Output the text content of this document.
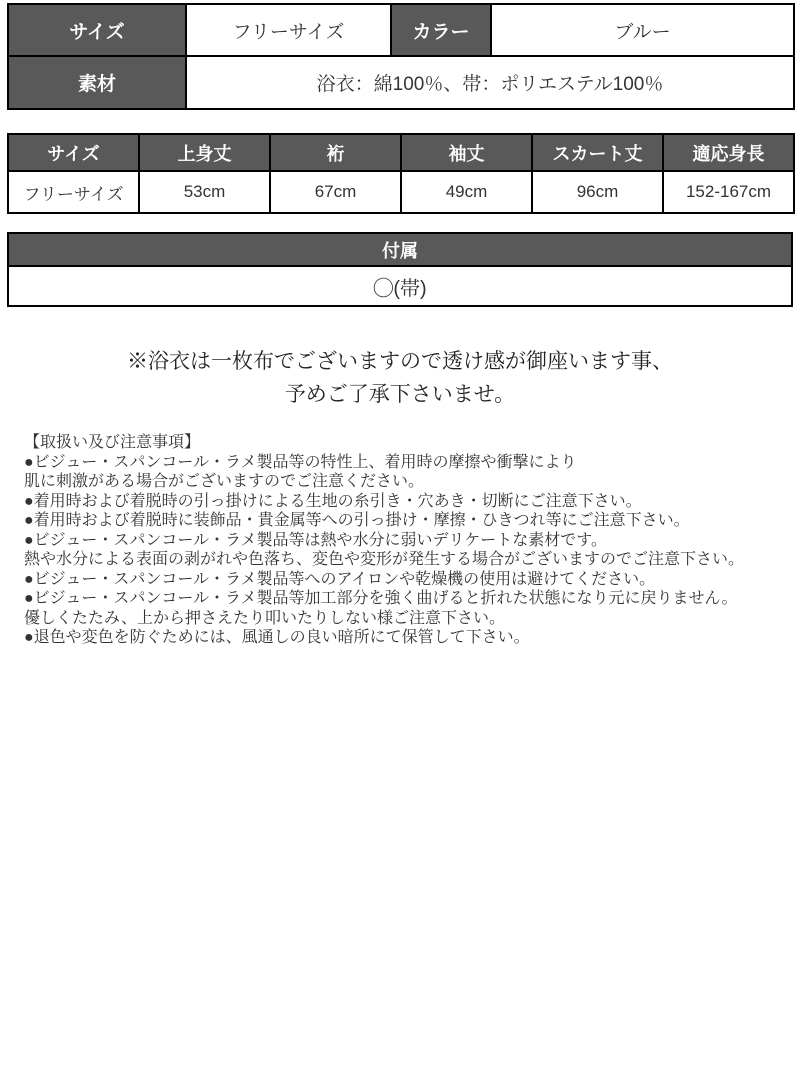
サイズ	フリーサイズ	カラー	ブルー
素材	浴衣：綿100％、帯：ポリエステル100％		
サイズ	上身丈	裄	袖丈	スカート丈	適応身長
フリーサイズ	53cm	67cm	49cm	96cm	152-167cm
付属
◯(帯)
※浴衣は一枚布でございますので透け感が御座います事、
予めご了承下さいませ。
【取扱い及び注意事項】
●ビジュー・スパンコール・ラメ製品等の特性上、着用時の摩擦や衝撃により
肌に刺激がある場合がございますのでご注意ください。
●着用時および着脱時の引っ掛けによる生地の糸引き・穴あき・切断にご注意下さい。
●着用時および着脱時に装飾品・貴金属等への引っ掛け・摩擦・ひきつれ等にご注意下さい。
●ビジュー・スパンコール・ラメ製品等は熱や水分に弱いデリケートな素材です。
熱や水分による表面の剥がれや色落ち、変色や変形が発生する場合がございますのでご注意下さい。
●ビジュー・スパンコール・ラメ製品等へのアイロンや乾燥機の使用は避けてください。
●ビジュー・スパンコール・ラメ製品等加工部分を強く曲げると折れた状態になり元に戻りません。
優しくたたみ、上から押さえたり叩いたりしない様ご注意下さい。
●退色や変色を防ぐためには、風通しの良い暗所にて保管して下さい。
